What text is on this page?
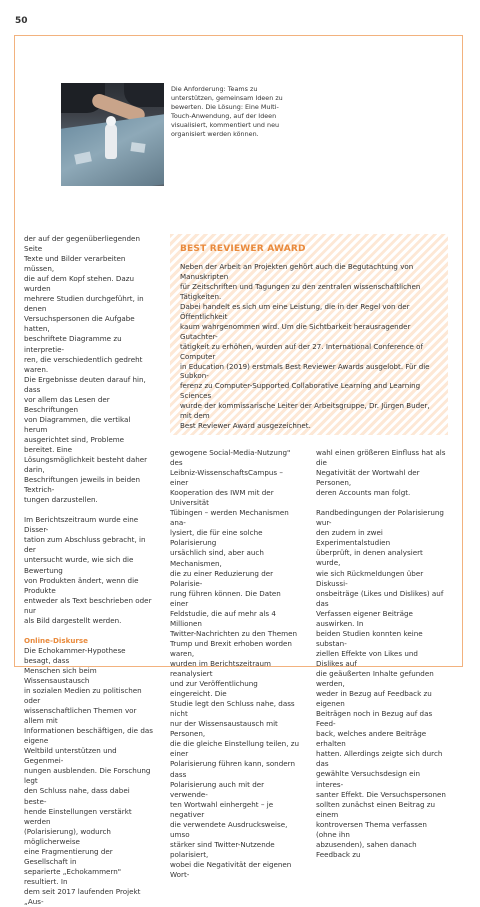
50
Die Anforderung: Teams zu
unterstützen, gemeinsam Ideen zu
bewerten. Die Lösung: Eine Multi-
Touch-Anwendung, auf der Ideen
visualisiert, kommentiert und neu
organisiert werden können.
BEST REVIEWER AWARD
Neben der Arbeit an Projekten gehört auch die Begutachtung von Manuskripten
für Zeitschriften und Tagungen zu den zentralen wissenschaftlichen Tätigkeiten.
Dabei handelt es sich um eine Leistung, die in der Regel von der Öffentlichkeit
kaum wahrgenommen wird. Um die Sichtbarkeit herausragender Gutachter-
tätigkeit zu erhöhen, wurden auf der 27. International Conference of Computer
in Education (2019) erstmals Best Reviewer Awards ausgelobt. Für die Subkon-
ferenz zu Computer-Supported Collaborative Learning and Learning Sciences
wurde der kommissarische Leiter der Arbeitsgruppe, Dr. Jürgen Buder, mit dem
Best Reviewer Award ausgezeichnet.
der auf der gegenüberliegenden Seite
Texte und Bilder verarbeiten müssen,
die auf dem Kopf stehen. Dazu wurden
mehrere Studien durchgeführt, in denen
Versuchspersonen die Aufgabe hatten,
beschriftete Diagramme zu interpretie-
ren, die verschiedentlich gedreht waren.
Die Ergebnisse deuten darauf hin, dass
vor allem das Lesen der Beschriftungen
von Diagrammen, die vertikal herum
ausgerichtet sind, Probleme bereitet. Eine
Lösungsmöglichkeit besteht daher darin,
Beschriftungen jeweils in beiden Textrich-
tungen darzustellen.
Im Berichtszeitraum wurde eine Disser-
tation zum Abschluss gebracht, in der
untersucht wurde, wie sich die Bewertung
von Produkten ändert, wenn die Produkte
entweder als Text beschrieben oder nur
als Bild dargestellt werden.
Online-Diskurse
Die Echokammer-Hypothese besagt, dass
Menschen sich beim Wissensaustausch
in sozialen Medien zu politischen oder
wissenschaftlichen Themen vor allem mit
Informationen beschäftigen, die das eigene
Weltbild unterstützen und Gegenmei-
nungen ausblenden. Die Forschung legt
den Schluss nahe, dass dabei beste-
hende Einstellungen verstärkt werden
(Polarisierung), wodurch möglicherweise
eine Fragmentierung der Gesellschaft in
separierte „Echokammern" resultiert. In
dem seit 2017 laufenden Projekt „Aus-
gewogene Social-Media-Nutzung" des
Leibniz-WissenschaftsCampus – einer
Kooperation des IWM mit der Universität
Tübingen – werden Mechanismen ana-
lysiert, die für eine solche Polarisierung
ursächlich sind, aber auch Mechanismen,
die zu einer Reduzierung der Polarisie-
rung führen können. Die Daten einer
Feldstudie, die auf mehr als 4 Millionen
Twitter-Nachrichten zu den Themen
Trump und Brexit erhoben worden waren,
wurden im Berichtszeitraum reanalysiert
und zur Veröffentlichung eingereicht. Die
Studie legt den Schluss nahe, dass nicht
nur der Wissensaustausch mit Personen,
die die gleiche Einstellung teilen, zu einer
Polarisierung führen kann, sondern dass
Polarisierung auch mit der verwende-
ten Wortwahl einhergeht – je negativer
die verwendete Ausdrucksweise, umso
stärker sind Twitter-Nutzende polarisiert,
wobei die Negativität der eigenen Wort-
wahl einen größeren Einfluss hat als die
Negativität der Wortwahl der Personen,
deren Accounts man folgt.
Randbedingungen der Polarisierung wur-
den zudem in zwei Experimentalstudien
überprüft, in denen analysiert wurde,
wie sich Rückmeldungen über Diskussi-
onsbeiträge (Likes und Dislikes) auf das
Verfassen eigener Beiträge auswirken. In
beiden Studien konnten keine substan-
ziellen Effekte von Likes und Dislikes auf
die geäußerten Inhalte gefunden werden,
weder in Bezug auf Feedback zu eigenen
Beiträgen noch in Bezug auf das Feed-
back, welches andere Beiträge erhalten
hatten. Allerdings zeigte sich durch das
gewählte Versuchsdesign ein interes-
santer Effekt. Die Versuchspersonen
sollten zunächst einen Beitrag zu einem
kontroversen Thema verfassen (ohne ihn
abzusenden), sahen danach Feedback zu
